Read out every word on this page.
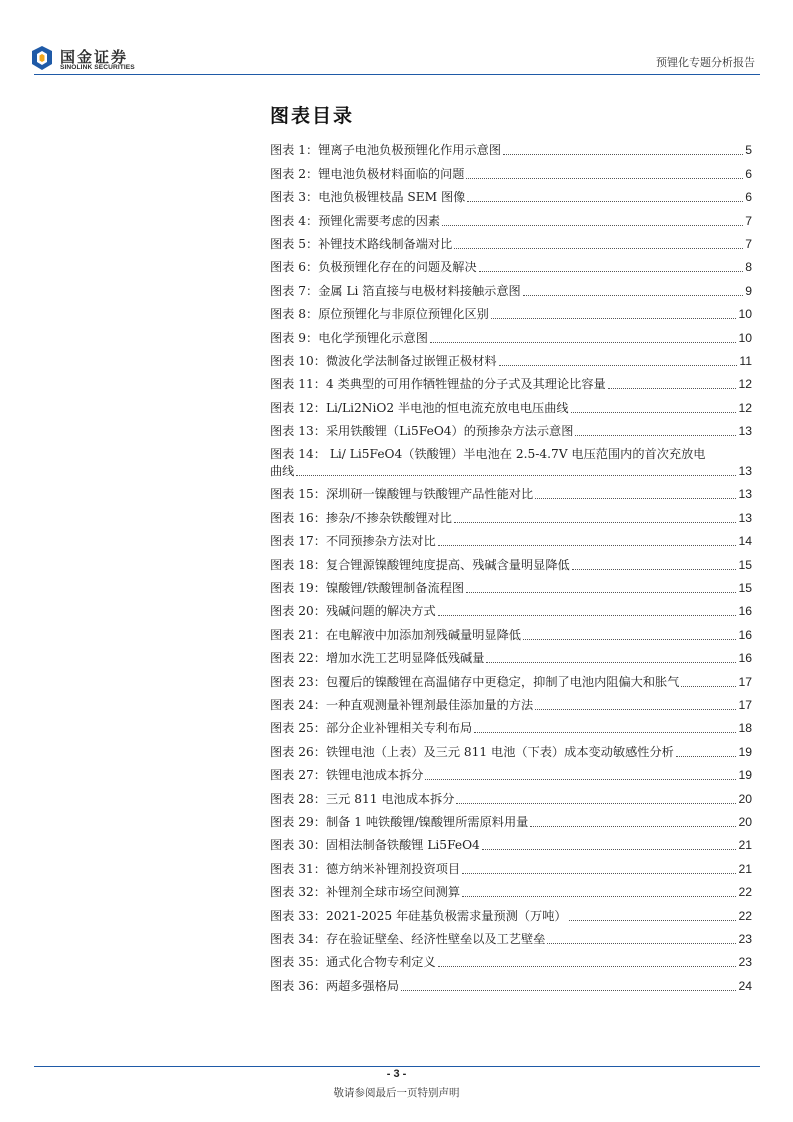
国金证券
SINOLINK SECURITIES	预锂化专题分析报告
图表目录
图表 1：锂离子电池负极预锂化作用示意图	5
图表 2：锂电池负极材料面临的问题	6
图表 3：电池负极锂枝晶 SEM 图像	6
图表 4：预锂化需要考虑的因素	7
图表 5：补锂技术路线制备端对比	7
图表 6：负极预锂化存在的问题及解决	8
图表 7：金属 Li 箔直接与电极材料接触示意图	9
图表 8：原位预锂化与非原位预锂化区别	10
图表 9：电化学预锂化示意图	10
图表 10：微波化学法制备过嵌锂正极材料	11
图表 11：4 类典型的可用作牺牲锂盐的分子式及其理论比容量	12
图表 12：Li/Li2NiO2 半电池的恒电流充放电电压曲线	12
图表 13：采用铁酸锂（Li5FeO4）的预掺杂方法示意图	13
图表 14： Li/ Li5FeO4（铁酸锂）半电池在 2.5-4.7V 电压范围内的首次充放电
曲线	13
图表 15：深圳研一镍酸锂与铁酸锂产品性能对比	13
图表 16：掺杂/不掺杂铁酸锂对比	13
图表 17：不同预掺杂方法对比	14
图表 18：复合锂源镍酸锂纯度提高、残碱含量明显降低	15
图表 19：镍酸锂/铁酸锂制备流程图	15
图表 20：残碱问题的解决方式	16
图表 21：在电解液中加添加剂残碱量明显降低	16
图表 22：增加水洗工艺明显降低残碱量	16
图表 23：包覆后的镍酸锂在高温储存中更稳定，抑制了电池内阻偏大和胀气	17
图表 24：一种直观测量补锂剂最佳添加量的方法	17
图表 25：部分企业补锂相关专利布局	18
图表 26：铁锂电池（上表）及三元 811 电池（下表）成本变动敏感性分析	19
图表 27：铁锂电池成本拆分	19
图表 28：三元 811 电池成本拆分	20
图表 29：制备 1 吨铁酸锂/镍酸锂所需原料用量	20
图表 30：固相法制备铁酸锂 Li5FeO4	21
图表 31：德方纳米补锂剂投资项目	21
图表 32：补锂剂全球市场空间测算	22
图表 33：2021-2025 年硅基负极需求量预测（万吨）	22
图表 34：存在验证壁垒、经济性壁垒以及工艺壁垒	23
图表 35：通式化合物专利定义	23
图表 36：两超多强格局	24
- 3 -
敬请参阅最后一页特别声明
